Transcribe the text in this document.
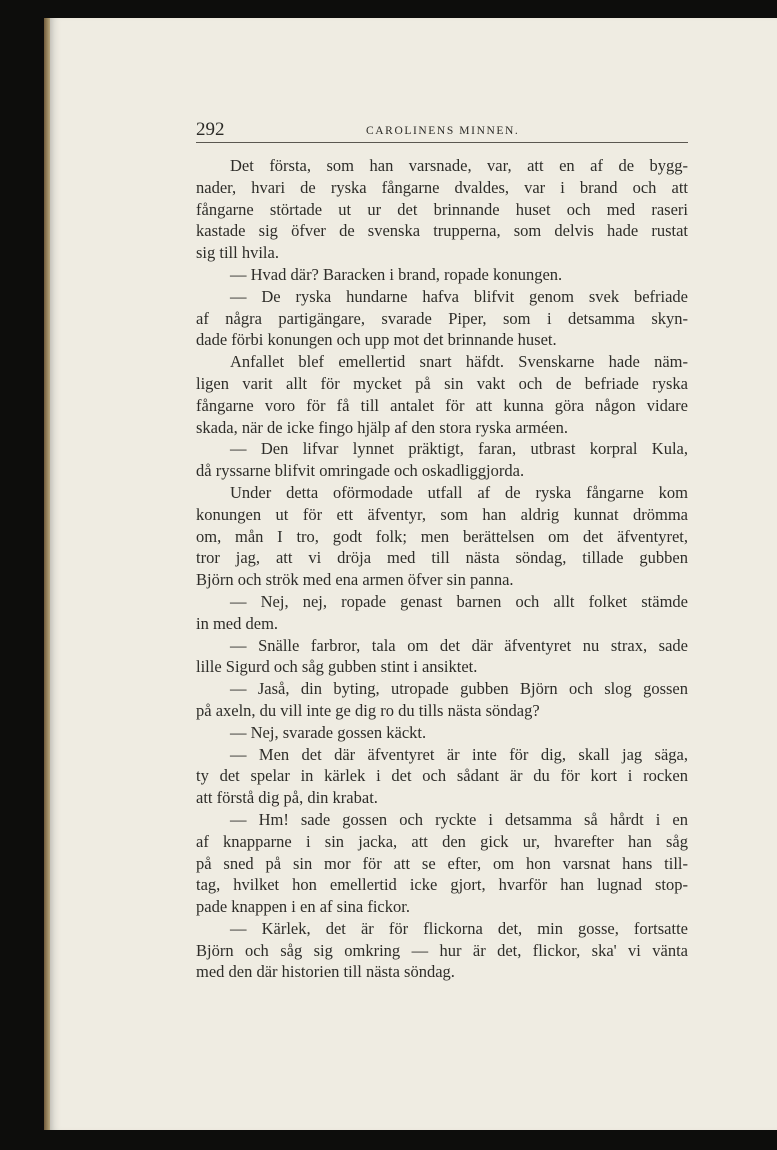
292	CAROLINENS MINNEN.
Det första, som han varsnade, var, att en af de bygg-
nader, hvari de ryska fångarne dvaldes, var i brand och att
fångarne störtade ut ur det brinnande huset och med raseri
kastade sig öfver de svenska trupperna, som delvis hade rustat
sig till hvila.
— Hvad där? Baracken i brand, ropade konungen.
— De ryska hundarne hafva blifvit genom svek befriade
af några partigängare, svarade Piper, som i detsamma skyn-
dade förbi konungen och upp mot det brinnande huset.
Anfallet blef emellertid snart häfdt. Svenskarne hade näm-
ligen varit allt för mycket på sin vakt och de befriade ryska
fångarne voro för få till antalet för att kunna göra någon vidare
skada, när de icke fingo hjälp af den stora ryska arméen.
— Den lifvar lynnet präktigt, faran, utbrast korpral Kula,
då ryssarne blifvit omringade och oskadliggjorda.
Under detta oförmodade utfall af de ryska fångarne kom
konungen ut för ett äfventyr, som han aldrig kunnat drömma
om, mån I tro, godt folk; men berättelsen om det äfventyret,
tror jag, att vi dröja med till nästa söndag, tillade gubben
Björn och strök med ena armen öfver sin panna.
— Nej, nej, ropade genast barnen och allt folket stämde
in med dem.
— Snälle farbror, tala om det där äfventyret nu strax, sade
lille Sigurd och såg gubben stint i ansiktet.
— Jaså, din byting, utropade gubben Björn och slog gossen
på axeln, du vill inte ge dig ro du tills nästa söndag?
— Nej, svarade gossen käckt.
— Men det där äfventyret är inte för dig, skall jag säga,
ty det spelar in kärlek i det och sådant är du för kort i rocken
att förstå dig på, din krabat.
— Hm! sade gossen och ryckte i detsamma så hårdt i en
af knapparne i sin jacka, att den gick ur, hvarefter han såg
på sned på sin mor för att se efter, om hon varsnat hans till-
tag, hvilket hon emellertid icke gjort, hvarför han lugnad stop-
pade knappen i en af sina fickor.
— Kärlek, det är för flickorna det, min gosse, fortsatte
Björn och såg sig omkring — hur är det, flickor, ska' vi vänta
med den där historien till nästa söndag.
